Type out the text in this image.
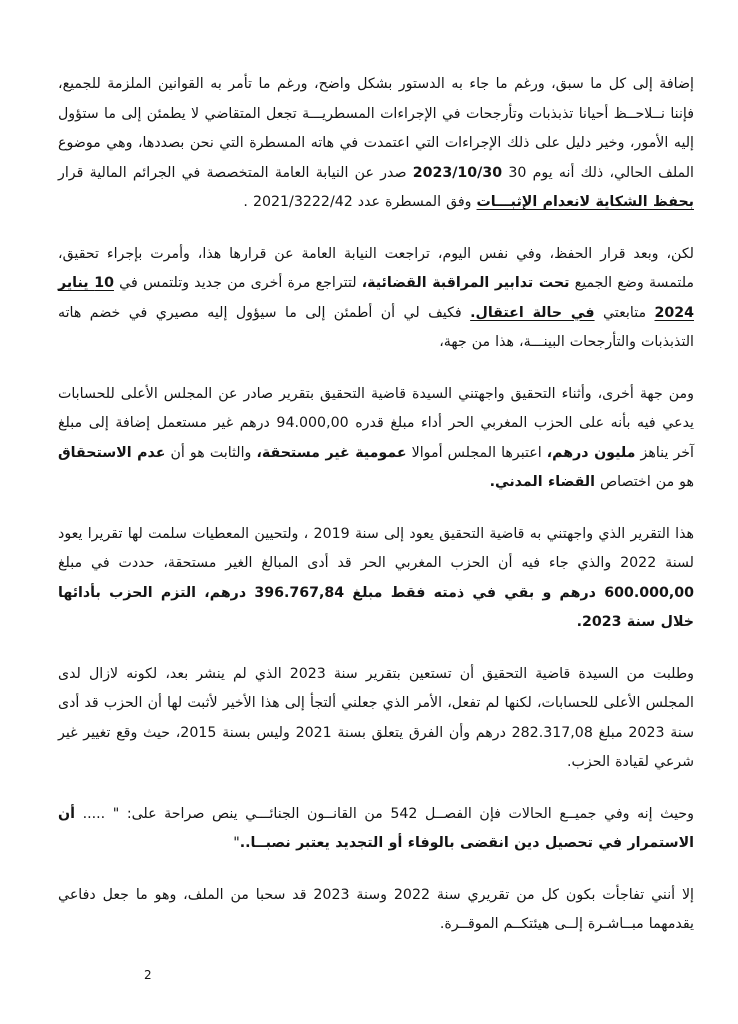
إضافة إلى كل ما سبق، ورغم ما جاء به الدستور بشكل واضح، ورغم ما تأمر به القوانين الملزمة للجميع، فإننا نــلاحــظ أحيانا تذبذبات وتأرجحات في الإجراءات المسطريـــة تجعل المتقاضي لا يطمئن إلى ما ستؤول إليه الأمور، وخير دليل على ذلك الإجراءات التي اعتمدت في هاته المسطرة التي نحن بصددها، وهي موضوع الملف الحالي، ذلك أنه يوم 30 2023/10/30 صدر عن النيابة العامة المتخصصة في الجرائم المالية قرار بحفظ الشكاية لانعدام الإثبـــات وفق المسطرة عدد 2021/3222/42 .

لكن، وبعد قرار الحفظ، وفي نفس اليوم، تراجعت النيابة العامة عن قرارها هذا، وأمرت بإجراء تحقيق، ملتمسة وضع الجميع تحت تدابير المراقبة القضائية، لتتراجع مرة أخرى من جديد وتلتمس في 10 يناير 2024 متابعتي في حالة اعتقال. فكيف لي أن أطمئن إلى ما سيؤول إليه مصيري في خضم هاته التذبذبات والتأرجحات البينـــة، هذا من جهة،

ومن جهة أخرى، وأثناء التحقيق واجهتني السيدة قاضية التحقيق بتقرير صادر عن المجلس الأعلى للحسابات يدعي فيه بأنه على الحزب المغربي الحر أداء مبلغ قدره 94.000,00 درهم غير مستعمل إضافة إلى مبلغ آخر يناهز مليون درهم، اعتبرها المجلس أموالا عمومية غير مستحقة، والثابت هو أن عدم الاستحقاق هو من اختصاص القضاء المدني.

هذا التقرير الذي واجهتني به قاضية التحقيق يعود إلى سنة 2019 ، ولتحيين المعطيات سلمت لها تقريرا يعود لسنة 2022 والذي جاء فيه أن الحزب المغربي الحر قد أدى المبالغ الغير مستحقة، حددت في مبلغ 600.000,00 درهم و بقي في ذمته فقط مبلغ 396.767,84 درهم، التزم الحزب بأدائها خلال سنة 2023.

وطلبت من السيدة قاضية التحقيق أن تستعين بتقرير سنة 2023 الذي لم ينشر بعد، لكونه لازال لدى المجلس الأعلى للحسابات، لكنها لم تفعل، الأمر الذي جعلني ألتجأ إلى هذا الأخير لأثبت لها أن الحزب قد أدى سنة 2023 مبلغ 282.317,08 درهم وأن الفرق يتعلق بسنة 2021 وليس بسنة 2015، حيث وقع تغيير غير شرعي لقيادة الحزب.

وحيث إنه وفي جميــع الحالات فإن الفصــل 542 من القانــون الجنائـــي ينص صراحة على: " ..... أن الاستمرار في تحصيل دين انقضى بالوفاء أو التجديد يعتبر نصبــا.."

إلا أنني تفاجأت بكون كل من تقريري سنة 2022 وسنة 2023 قد سحبا من الملف، وهو ما جعل دفاعي يقدمهما مبــاشـرة إلــى هيئتكــم الموقــرة.

2
